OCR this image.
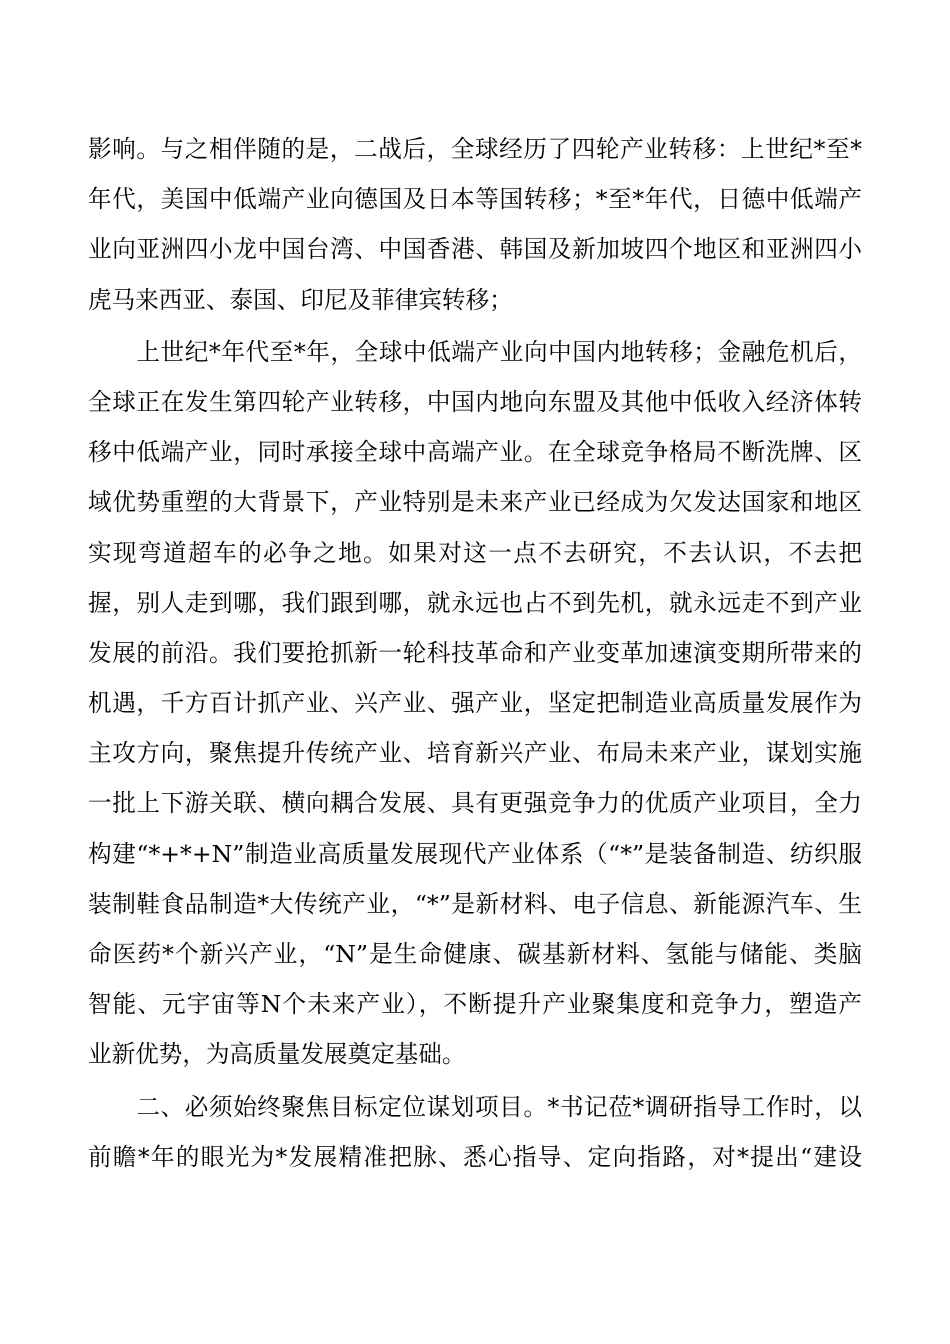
影响。与之相伴随的是，二战后，全球经历了四轮产业转移：上世纪*至*
年代，美国中低端产业向德国及日本等国转移；*至*年代，日德中低端产
业向亚洲四小龙中国台湾、中国香港、韩国及新加坡四个地区和亚洲四小
虎马来西亚、泰国、印尼及菲律宾转移；
　　上世纪*年代至*年，全球中低端产业向中国内地转移；金融危机后，
全球正在发生第四轮产业转移，中国内地向东盟及其他中低收入经济体转
移中低端产业，同时承接全球中高端产业。在全球竞争格局不断洗牌、区
域优势重塑的大背景下，产业特别是未来产业已经成为欠发达国家和地区
实现弯道超车的必争之地。如果对这一点不去研究，不去认识，不去把
握，别人走到哪，我们跟到哪，就永远也占不到先机，就永远走不到产业
发展的前沿。我们要抢抓新一轮科技革命和产业变革加速演变期所带来的
机遇，千方百计抓产业、兴产业、强产业，坚定把制造业高质量发展作为
主攻方向，聚焦提升传统产业、培育新兴产业、布局未来产业，谋划实施
一批上下游关联、横向耦合发展、具有更强竞争力的优质产业项目，全力
构建“*+*+N”制造业高质量发展现代产业体系（“*”是装备制造、纺织服
装制鞋食品制造*大传统产业，“*”是新材料、电子信息、新能源汽车、生
命医药*个新兴产业，“N”是生命健康、碳基新材料、氢能与储能、类脑
智能、元宇宙等N个未来产业），不断提升产业聚集度和竞争力，塑造产
业新优势，为高质量发展奠定基础。
　　二、必须始终聚焦目标定位谋划项目。*书记莅*调研指导工作时，以
前瞻*年的眼光为*发展精准把脉、悉心指导、定向指路，对*提出“建设
